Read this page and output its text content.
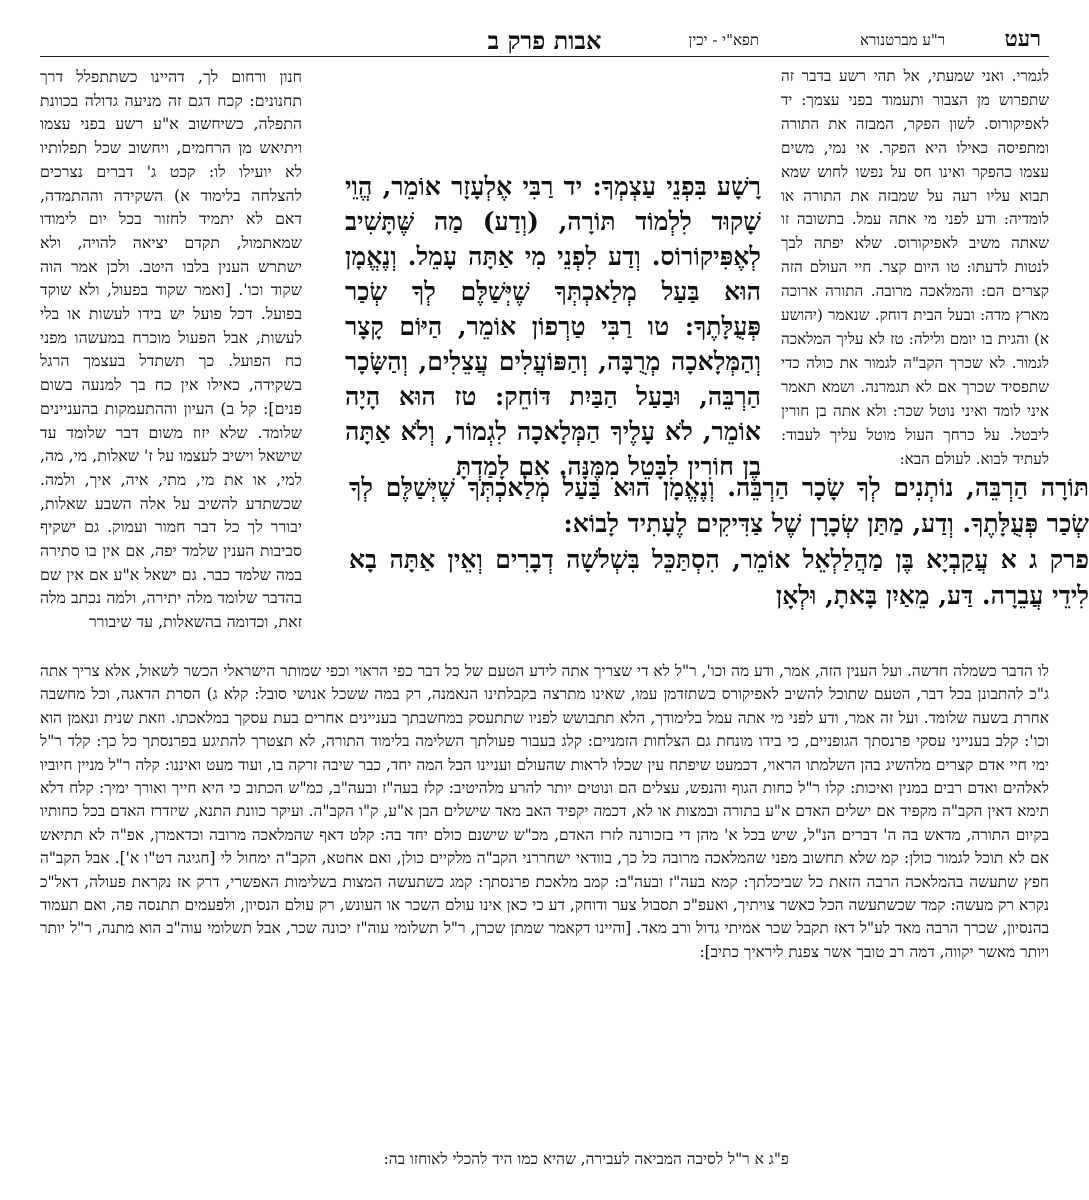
רעט
תפא"י - יכין
אבות פרק ב	ר"ע מברטנורא
לגמרי. ואני שמעתי, אל תהי רשע בדבר זה שתפרוש מן הצבור ותעמוד בפני עצמך: יד לאפיקורוס. לשון הפקר, המבזה את התורה ומתפיסה כאילו היא הפקר. אי נמי, משים עצמו כהפקר ואינו חס על נפשו לחוש שמא תבוא עליו רעה על שמבזה את התורה או לומדיה: ודע לפני מי אתה עמל. בתשובה זו שאתה משיב לאפיקורוס. שלא יפתה לבך לנטות לדעתו: טו היום קצר. חיי העולם הזה קצרים הם: והמלאכה מרובה. התורה ארוכה מארץ מדה: ובעל הבית דוחק. שנאמר (יהושע א) והגית בו יומם ולילה: טז לא עליך המלאכה לגמור. לא שכרך הקב"ה לגמור את כולה כדי שתפסיד שכרך אם לא תגמרנה. ושמא תאמר איני לומד ואיני נוטל שכר: ולא אתה בן חורין ליבטל. על כרחך העול מוטל עליך לעבוד: לעתיד לבוא. לעולם הבא:
רָשָׁע בִּפְנֵי עַצְמְךָ: יד רַבִּי אֶלְעָזָר אוֹמֵר, הֱוֵי שָׁקוּד לִלְמוֹד תּוֹרָה, (וְדַע) מַה שֶּׁתָּשִׁיב לְאֶפִּיקוֹרוֹס. וְדַע לִפְנֵי מִי אַתָּה עָמֵל. וְנֶאֱמָן הוּא בַּעַל מְלַאכְתְּךָ שֶׁיְּשַׁלֶּם לְךָ שְׂכַר פְּעֻלָּתֶךָ: טו רַבִּי טַרְפוֹן אוֹמֵר, הַיּוֹם קָצָר וְהַמְּלָאכָה מְרֻבָּה, וְהַפּוֹעֲלִים עֲצֵלִים, וְהַשָּׂכָר הַרְבֵּה, וּבַעַל הַבַּיִת דּוֹחֵק: טז הוּא הָיָה אוֹמֵר, לֹא עָלֶיךָ הַמְּלָאכָה לִגְמוֹר, וְלֹא אַתָּה בֶן חוֹרִין לִבָּטֵל מִמֶּנָּה. אִם לָמַדְתָּ
חנון ורחום לך, דהיינו כשתתפלל דרך תחנונים: קכח דגם זה מניעה גדולה בכוונת התפלה, כשיחשוב א"ע רשע בפני עצמו ויתיאש מן הרחמים, ויחשוב שכל תפלותיו לא יועילו לו: קכט ג' דברים נצרכים להצלחה בלימוד א) השקידה וההתמדה, דאם לא יתמיד לחזור בכל יום לימודו שמאתמול, תקדם יציאה להויה, ולא ישתרש הענין בלבו היטב. ולכן אמר הוה שקוד וכו'. [ואמר שקוד בפעול, ולא שוקד בפועל. דכל פועל יש בידו לעשות או בלי לעשות, אבל הפעול מוכרח במעשהו מפני כח הפועל. כך תשתדל בעצמך הרגל בשקידה, כאילו אין כח בך למנעה בשום פנים]: קל ב) העיון וההתעמקות בהעניינים שלומד. שלא יזוז משום דבר שלומד עד שישאל וישיב לעצמו על ז' שאלות, מי, מה, למי, או את מי, מתי, איה, איך, ולמה. שכשתדע להשיב על אלה השבע שאלות, יבורר לך כל דבר חמור ועמוק. גם ישקיף סביבות הענין שלמד יפה, אם אין בו סתירה במה שלמד כבר. גם ישאל א"ע אם אין שם בהדבר שלומד מלה יתירה, ולמה נכתב מלה זאת, וכדומה בהשאלות, עד שיבורר

תּוֹרָה הַרְבֵּה, נוֹתְנִים לְךָ שָׂכָר הַרְבֵּה. וְנֶאֱמָן הוּא בַּעַל מְלַאכְתְּךָ שֶׁיְּשַׁלֶּם לְךָ שְׂכַר פְּעֻלָּתֶךָ. וְדַע, מַתַּן שְׂכָרָן שֶׁל צַדִּיקִים לֶעָתִיד לָבוֹא:

פרק ג א עֲקַבְיָא בֶּן מַהֲלַלְאֵל אוֹמֵר, הִסְתַּכֵּל בִּשְׁלֹשָׁה דְבָרִים וְאֵין אַתָּה בָא לִידֵי עֲבֵרָה. דַּע, מֵאַיִן בָּאתָ, וּלְאָן

לו הדבר כשמלה חדשה. ועל הענין הזה, אמר, ודע מה וכו', ר"ל לא די שצריך אתה לידע הטעם של כל דבר כפי הראוי וכפי שמותר הישראלי הכשר לשאול, אלא צריך אתה ג"כ להתבונן בכל דבר, הטעם שתוכל להשיב לאפיקורס כשתזדמן עמו, שאינו מתרצה בקבלתינו הנאמנה, רק במה ששכל אנושי סובל: קלא ג) הסרת הדאגה, וכל מחשבה אחרת בשעה שלומד. ועל זה אמר, ודע לפני מי אתה עמל בלימודך, הלא תתבושש לפניו שתתעסק במחשבתך בעניינים אחרים בעת עסקך במלאכתו. וזאת שנית ונאמן הוא וכו': קלב בענייני עסקי פרנסתך הגופניים, כי בידו מונחת גם הצלחות הזמניים: קלג בעבור פעולתך השלימה בלימוד התורה, לא תצטרך להתיגע בפרנסתך כל כך: קלד ר"ל ימי חיי אדם קצרים מלהשיג בהן השלמתו הראוי, דכמעט שיפתח עין שכלו לראות שהעולם ועניינו הבל המה יחד, כבר שיבה זרקה בו, ועוד מעט ואיננו: קלה ר"ל מניין חיוביו לאלהים ואדם רבים במנין ואיכות: קלו ר"ל כחות הגוף והנפש, עצלים הם ונוטים יותר להרע מלהיטיב: קלז בעה"ז ובעה"ב, כמ"ש הכתוב כי היא חייך ואורך ימיך: קלח דלא תימא דאין הקב"ה מקפיד אם ישלים האדם א"ע בתורה ובמצות או לא, דכמה יקפיד האב מאד שישלים הבן א"ע, ק"ו הקב"ה. ועיקר כוונת התנא, שיזדרז האדם בכל כחותיו בקיום התורה, מדאש בה ה' דברים הנ"ל, שיש בכל א' מהן די בזכורנה לזרז האדם, מכ"ש שישנם כולם יחד בה: קלט דאף שהמלאכה מרובה וכדאמרן, אפ"ה לא תתיאש אם לא תוכל לגמור כולן: קמ שלא תחשוב מפני שהמלאכה מרובה כל כך, בוודאי ישחררני הקב"ה מלקיים כולן, ואם אחטא, הקב"ה ימחול לי [חגיגה דט"ו א']. אבל הקב"ה חפץ שתעשה בהמלאכה הרבה הזאת כל שביכלתך: קמא בעה"ז ובעה"ב: קמב מלאכת פרנסתך: קמג כשתעשה המצות בשלימות האפשרי, דרק אז נקראת פעולה, דאל"כ נקרא רק מעשה: קמד שכשתעשה הכל כאשר צויתיך, ואעפ"כ תסבול צער ודוחק, דע כי כאן אינו עולם השכר או העונש, רק עולם הנסיון, ולפעמים תתנסה פה, ואם תעמוד בהנסיון, שכרך הרבה מאד לע"ל דאז תקבל שכר אמיתי גדול ורב מאד. [והיינו דקאמר שמתן שכרן, ר"ל תשלומי עוה"ז יכונה שכר, אבל תשלומי עוה"ב הוא מתנה, ר"ל יותר ויותר מאשר יקווה, דמה רב טובך אשר צפנת ליראיך כתיב]:
פ"ג א ר"ל לסיבה המביאה לעבירה, שהיא כמו היד להכלי לאוחזו בה:
